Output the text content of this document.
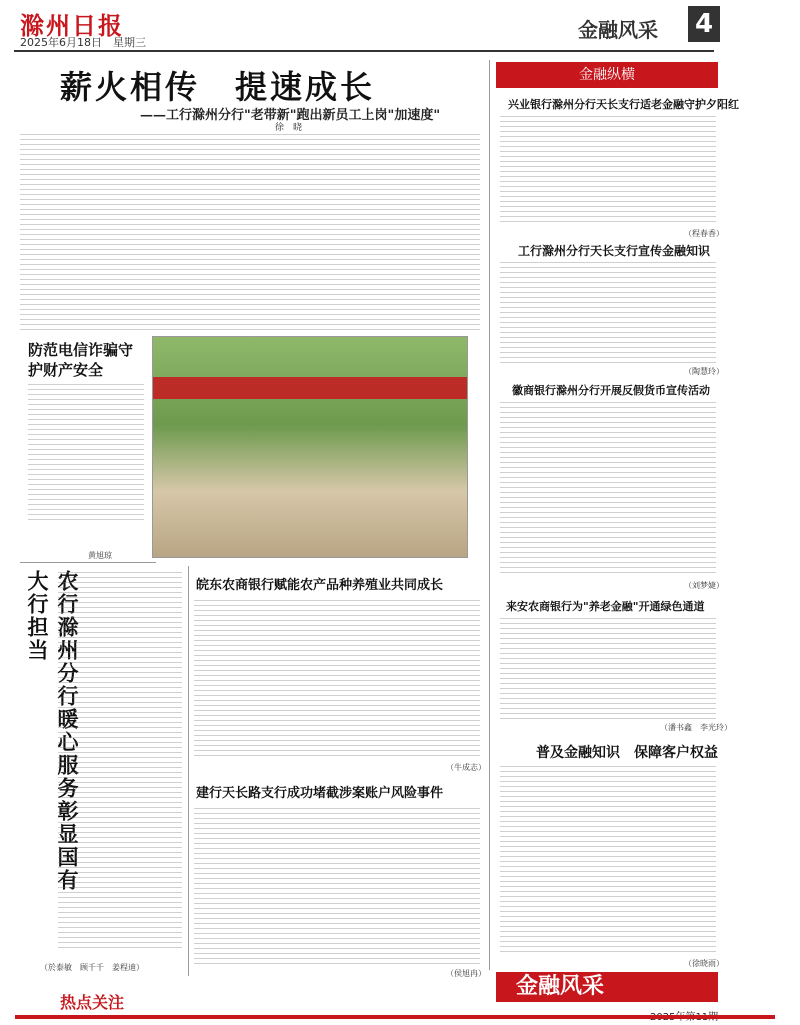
滁州日报
2025年6月18日　星期三
金融风采 4
薪火相传　提速成长
——工行滁州分行"老带新"跑出新员工上岗"加速度"
徐　晓
防范电信诈骗守护财产安全
黄旭琼
皖东农商银行赋能农产品种养殖业共同成长
（牛成志）
农行滁州分行暖心服务彰显国有大行担当
（於泰敏　顾千千　姜程迪）
建行天长路支行成功堵截涉案账户风险事件
（侯旭冉）
金融纵横
兴业银行滁州分行天长支行适老金融守护夕阳红
（程春香）
工行滁州分行天长支行宣传金融知识
（陶慧玲）
徽商银行滁州分行开展反假货币宣传活动
（刘梦婕）
来安农商银行为"养老金融"开通绿色通道
（潘书鑫　李光玲）
普及金融知识　保障客户权益
（徐晓雨）
金融风采
热点关注
